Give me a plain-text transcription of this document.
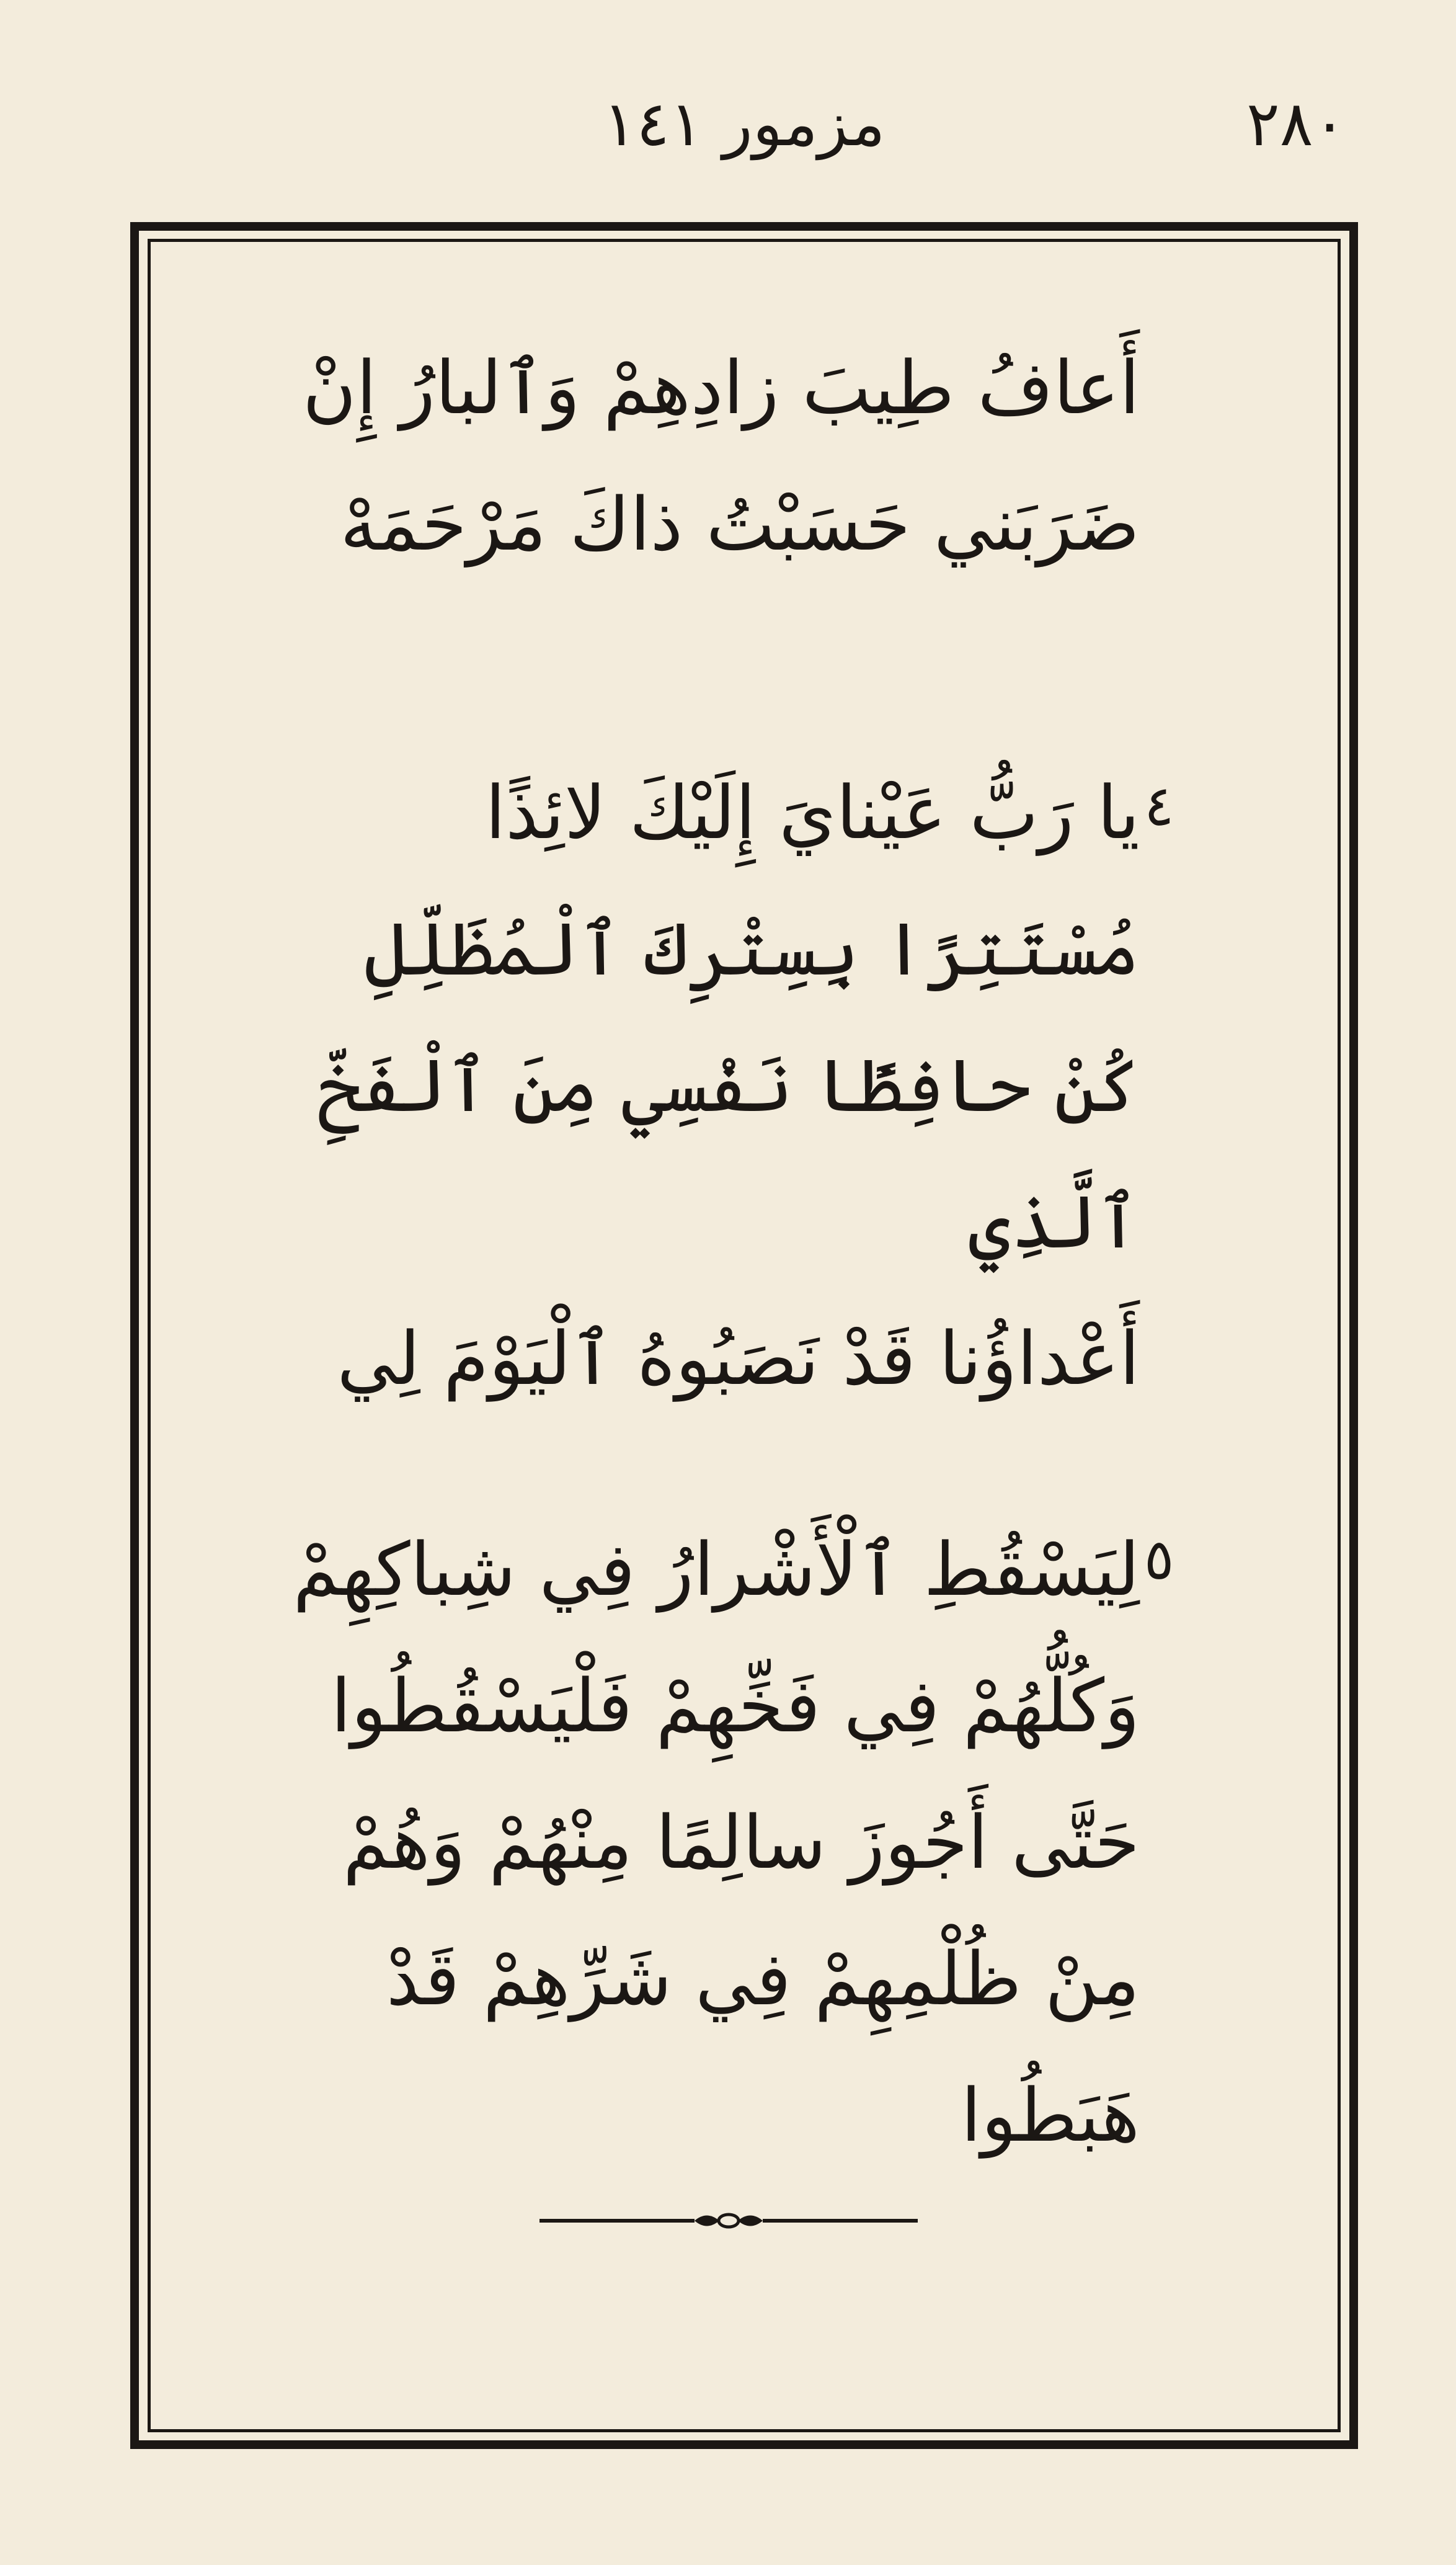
٢٨٠
مزمور ١٤١
أَعافُ طِيبَ زادِهِمْ وَٱلبارُ إِنْ
ضَرَبَني حَسَبْتُ ذاكَ مَرْحَمَهْ
٤
يا رَبُّ عَيْنايَ إِلَيْكَ لائِذًا
مُسْتَتِرًا بِسِتْرِكَ ٱلْمُظَلِّلِ
كُنْ حافِظًا نَفْسِي مِنَ ٱلْفَخِّ ٱلَّذِي
أَعْداؤُنا قَدْ نَصَبُوهُ ٱلْيَوْمَ لِي
٥
لِيَسْقُطِ ٱلْأَشْرارُ فِي شِباكِهِمْ
وَكُلُّهُمْ فِي فَخِّهِمْ فَلْيَسْقُطُوا
حَتَّى أَجُوزَ سالِمًا مِنْهُمْ وَهُمْ
مِنْ ظُلْمِهِمْ فِي شَرِّهِمْ قَدْ هَبَطُوا
